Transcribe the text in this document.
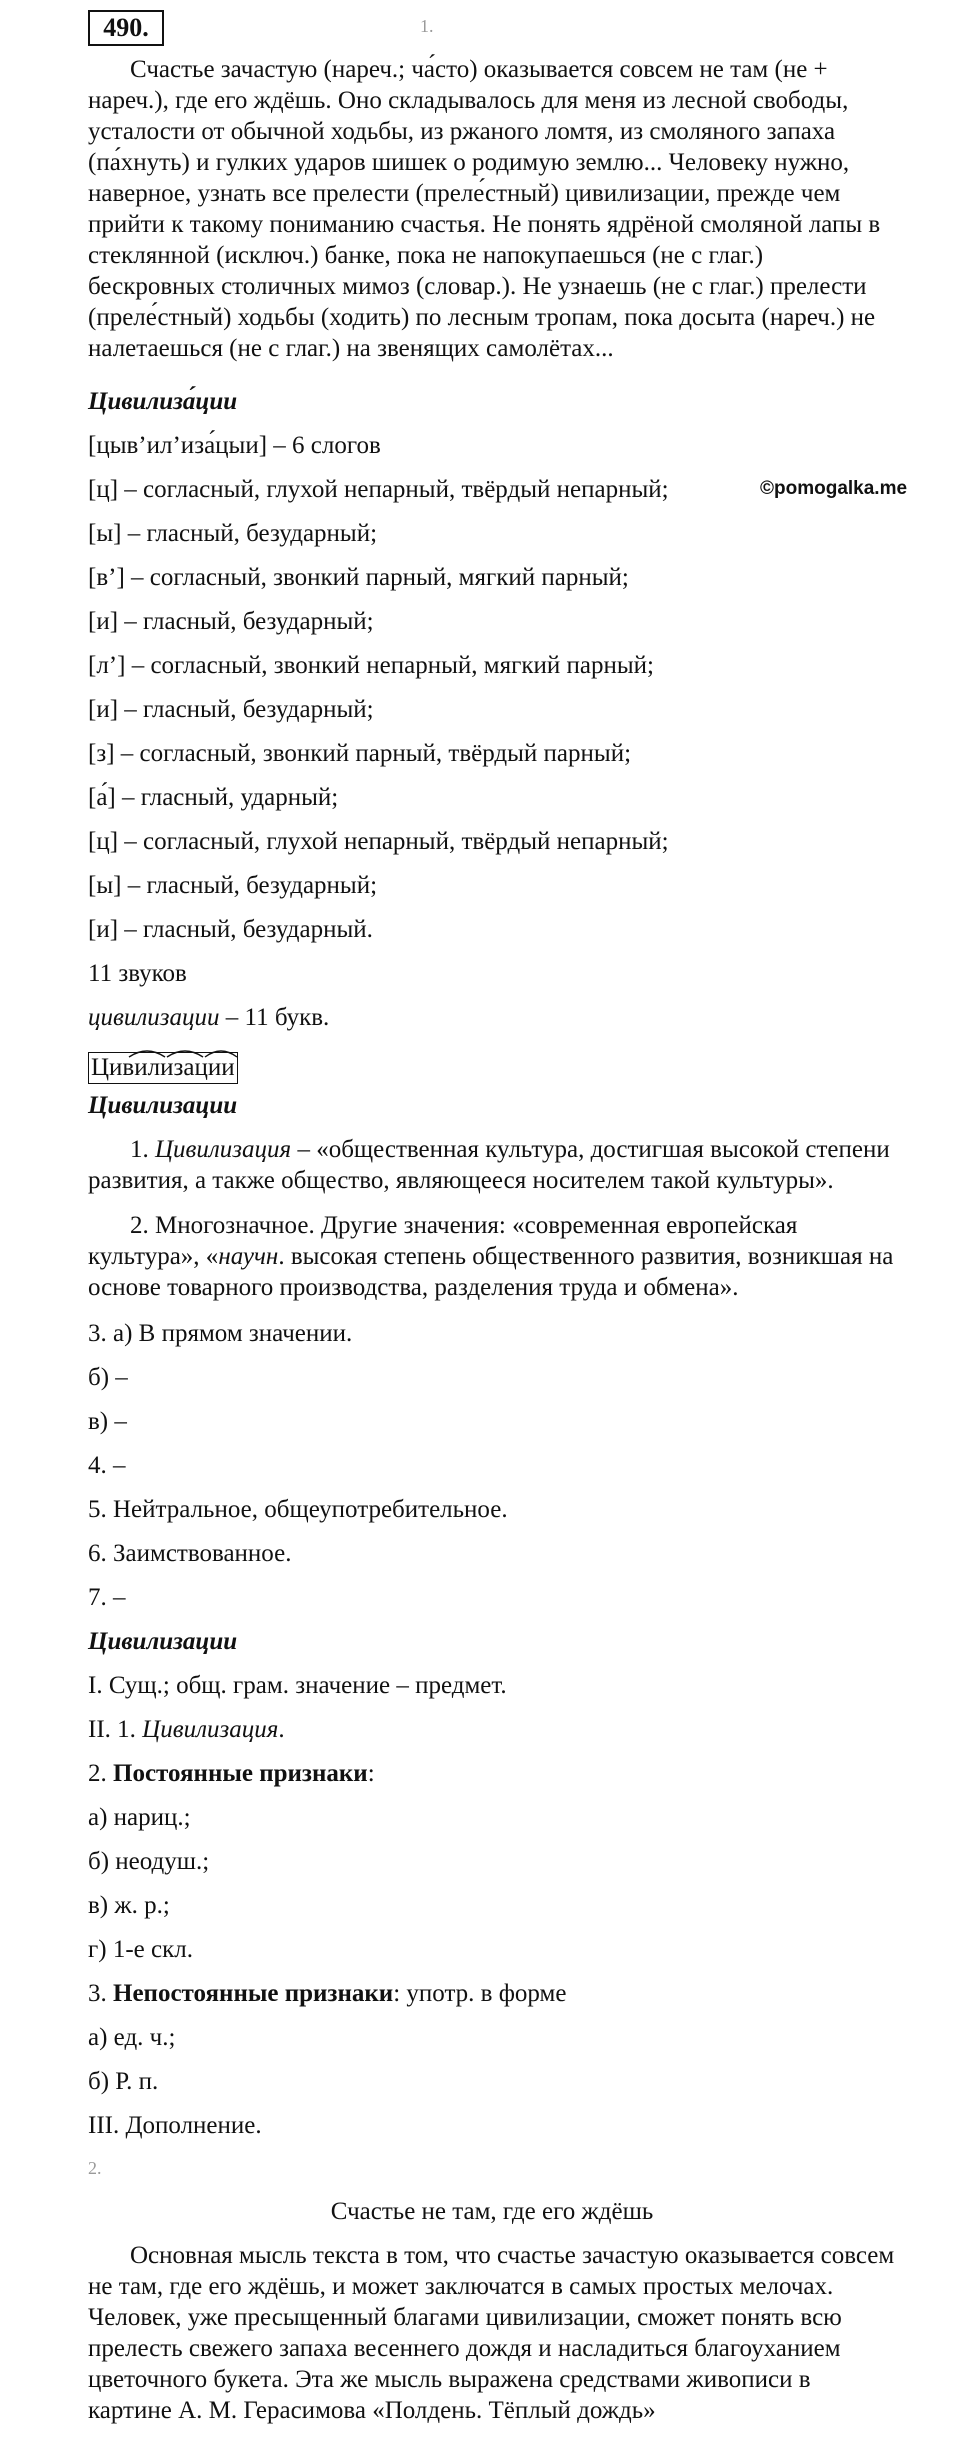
490.	1.

Счастье зачастую (нареч.; ча́сто) оказывается совсем не там (не + нареч.), где его ждёшь. Оно складывалось для меня из лесной свободы, усталости от обычной ходьбы, из ржаного ломтя, из смоляного запаха (па́хнуть) и гулких ударов шишек о родимую землю... Человеку нужно, наверное, узнать все прелести (преле́стный) цивилизации, прежде чем прийти к такому пониманию счастья. Не понять ядрёной смоляной лапы в стеклянной (исключ.) банке, пока не напокупаешься (не с глаг.) бескровных столичных мимоз (словар.). Не узнаешь (не с глаг.) прелести (преле́стный) ходьбы (ходить) по лесным тропам, пока досыта (нареч.) не налетаешься (не с глаг.) на звенящих самолётах...

Цивилиза́ции

[цыв’ил’иза́цыи] – 6 слогов

©pomogalka.me

[ц] – согласный, глухой непарный, твёрдый непарный;

[ы] – гласный, безударный;

[в’] – согласный, звонкий парный, мягкий парный;

[и] – гласный, безударный;

[л’] – согласный, звонкий непарный, мягкий парный;

[и] – гласный, безударный;

[з] – согласный, звонкий парный, твёрдый парный;

[а́] – гласный, ударный;

[ц] – согласный, глухой непарный, твёрдый непарный;

[ы] – гласный, безударный;

[и] – гласный, безударный.

11 звуков

цивилизации – 11 букв.

Цивилизации

Цивилизации

1. Цивилизация – «общественная культура, достигшая высокой степени развития, а также общество, являющееся носителем такой культуры».

2. Многозначное. Другие значения: «современная европейская культура», «научн. высокая степень общественного развития, возникшая на основе товарного производства, разделения труда и обмена».

3. а) В прямом значении.

б) –

в) –

4. –

5. Нейтральное, общеупотребительное.

6. Заимствованное.

7. –

Цивилизации

I. Сущ.; общ. грам. значение – предмет.

II. 1. Цивилизация.

2. Постоянные признаки:

а) нариц.;

б) неодуш.;

в) ж. р.;

г) 1-е скл.

3. Непостоянные признаки: употр. в форме

а) ед. ч.;

б) Р. п.

III. Дополнение.

2.

Счастье не там, где его ждёшь

Основная мысль текста в том, что счастье зачастую оказывается совсем не там, где его ждёшь, и может заключатся в самых простых мелочах. Человек, уже пресыщенный благами цивилизации, сможет понять всю прелесть свежего запаха весеннего дождя и насладиться благоуханием цветочного букета. Эта же мысль выражена средствами живописи в картине А. М. Герасимова «Полдень. Тёплый дождь»
